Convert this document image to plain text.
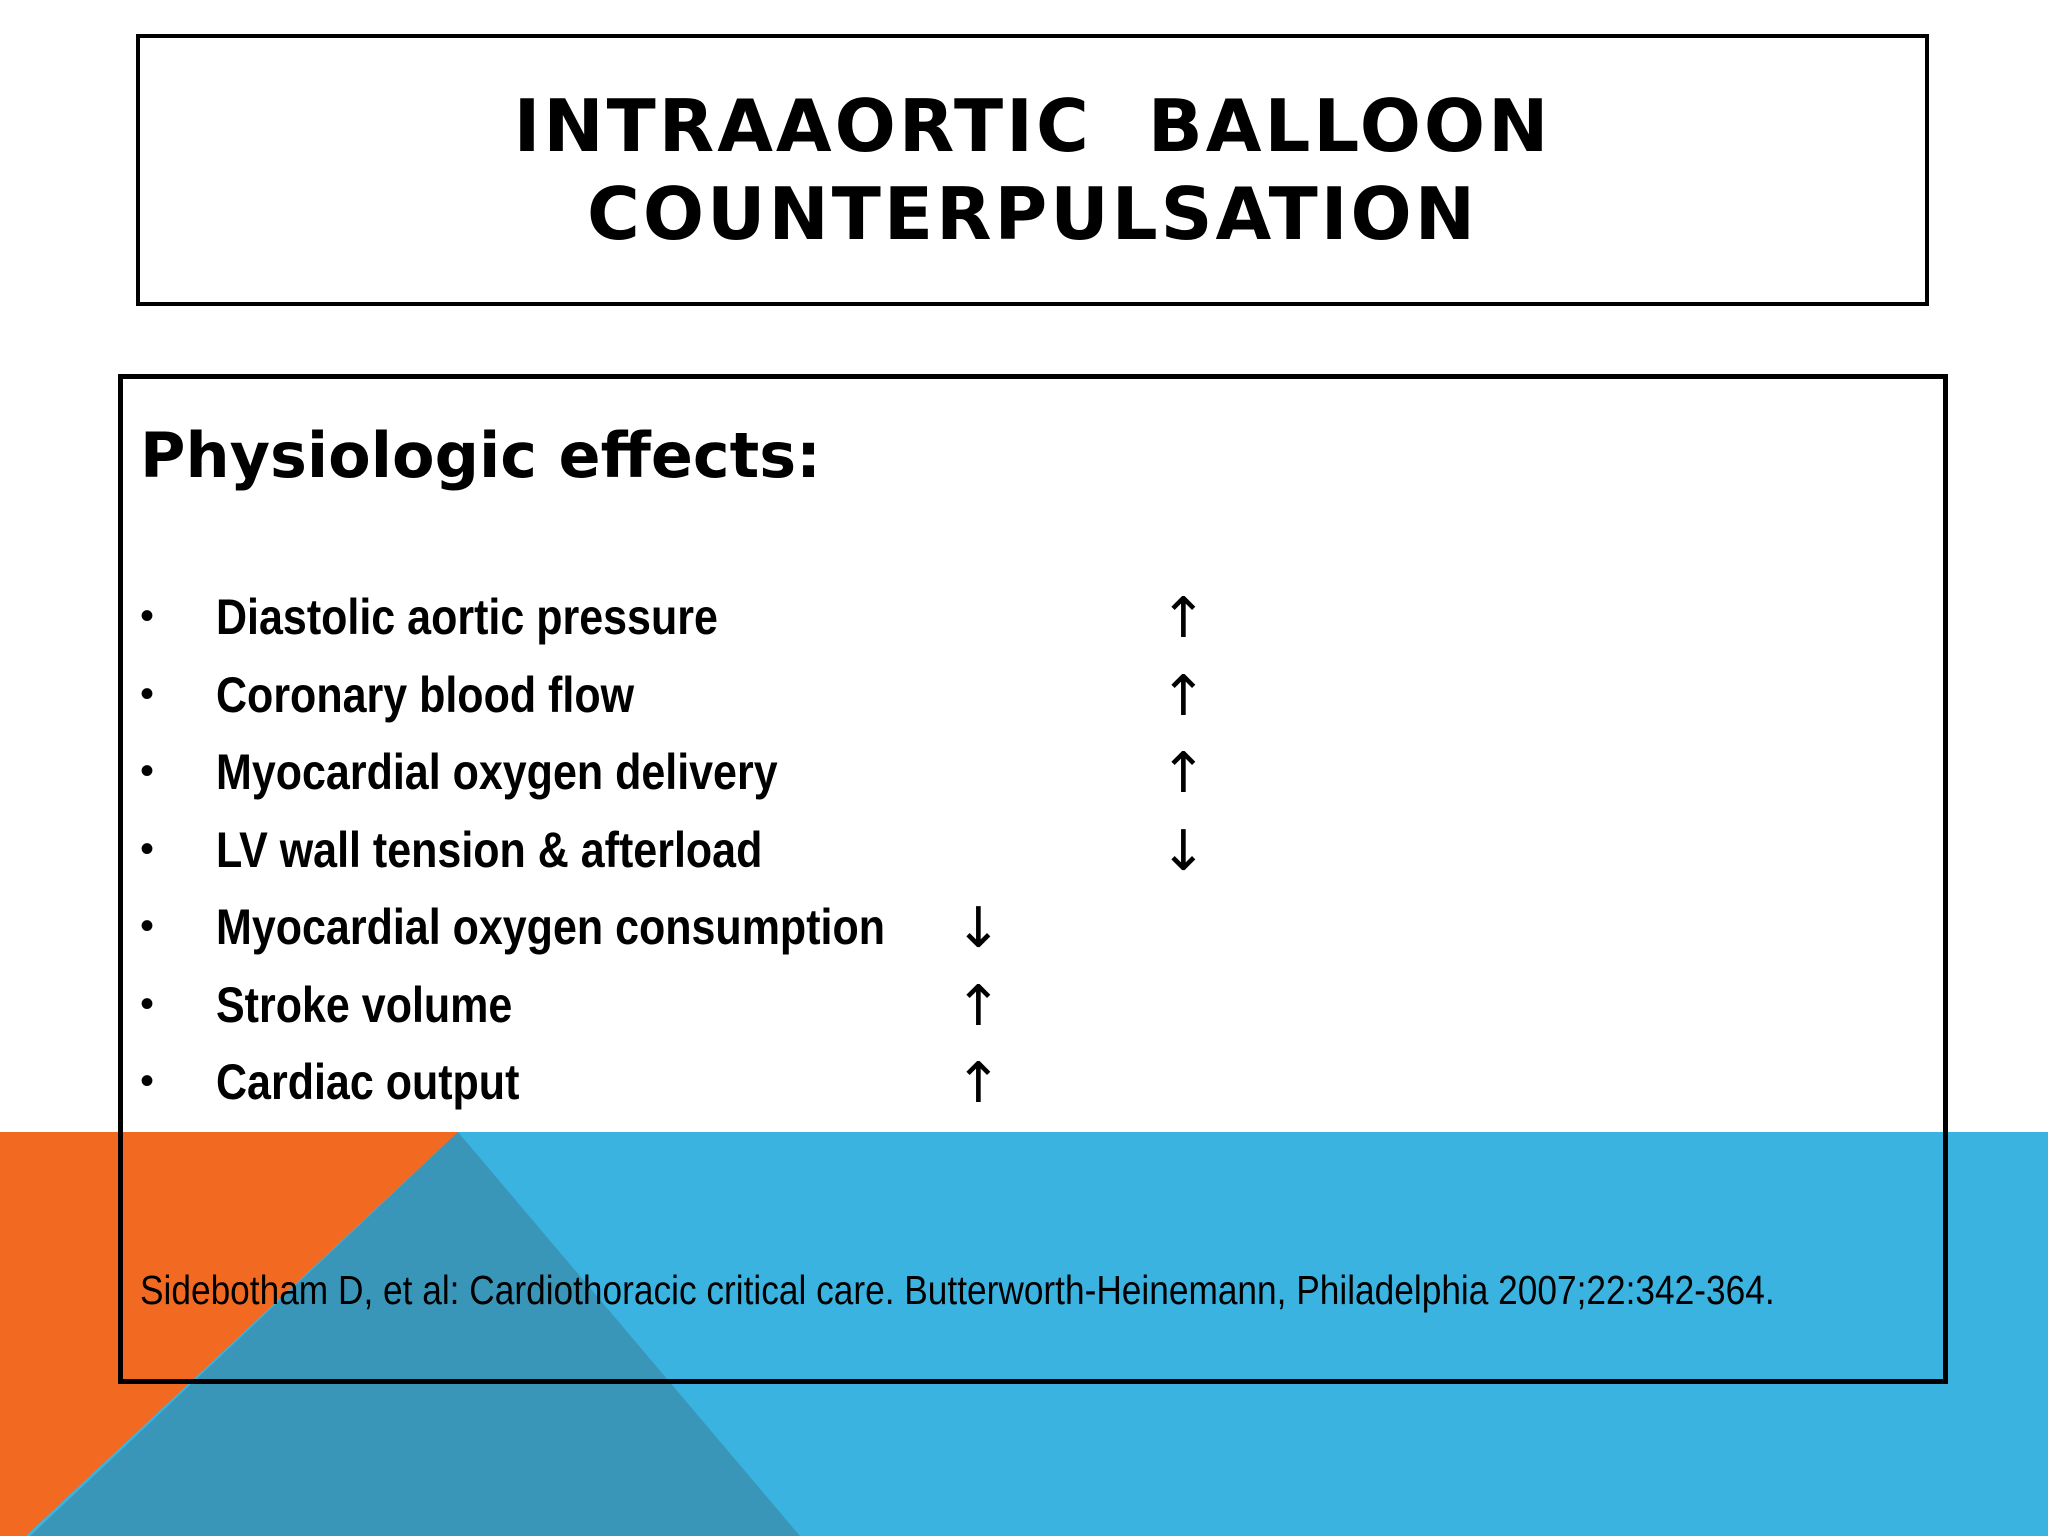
INTRAAORTIC  BALLOON
COUNTERPULSATION
Physiologic effects:
• Diastolic aortic pressure	↑
• Coronary blood flow	↑
• Myocardial oxygen delivery	↑
• LV wall tension & afterload	↓
• Myocardial oxygen consumption ↓
• Stroke volume	↑
• Cardiac output	↑
Sidebotham D, et al: Cardiothoracic critical care. Butterworth-Heinemann, Philadelphia 2007;22:342-364.
